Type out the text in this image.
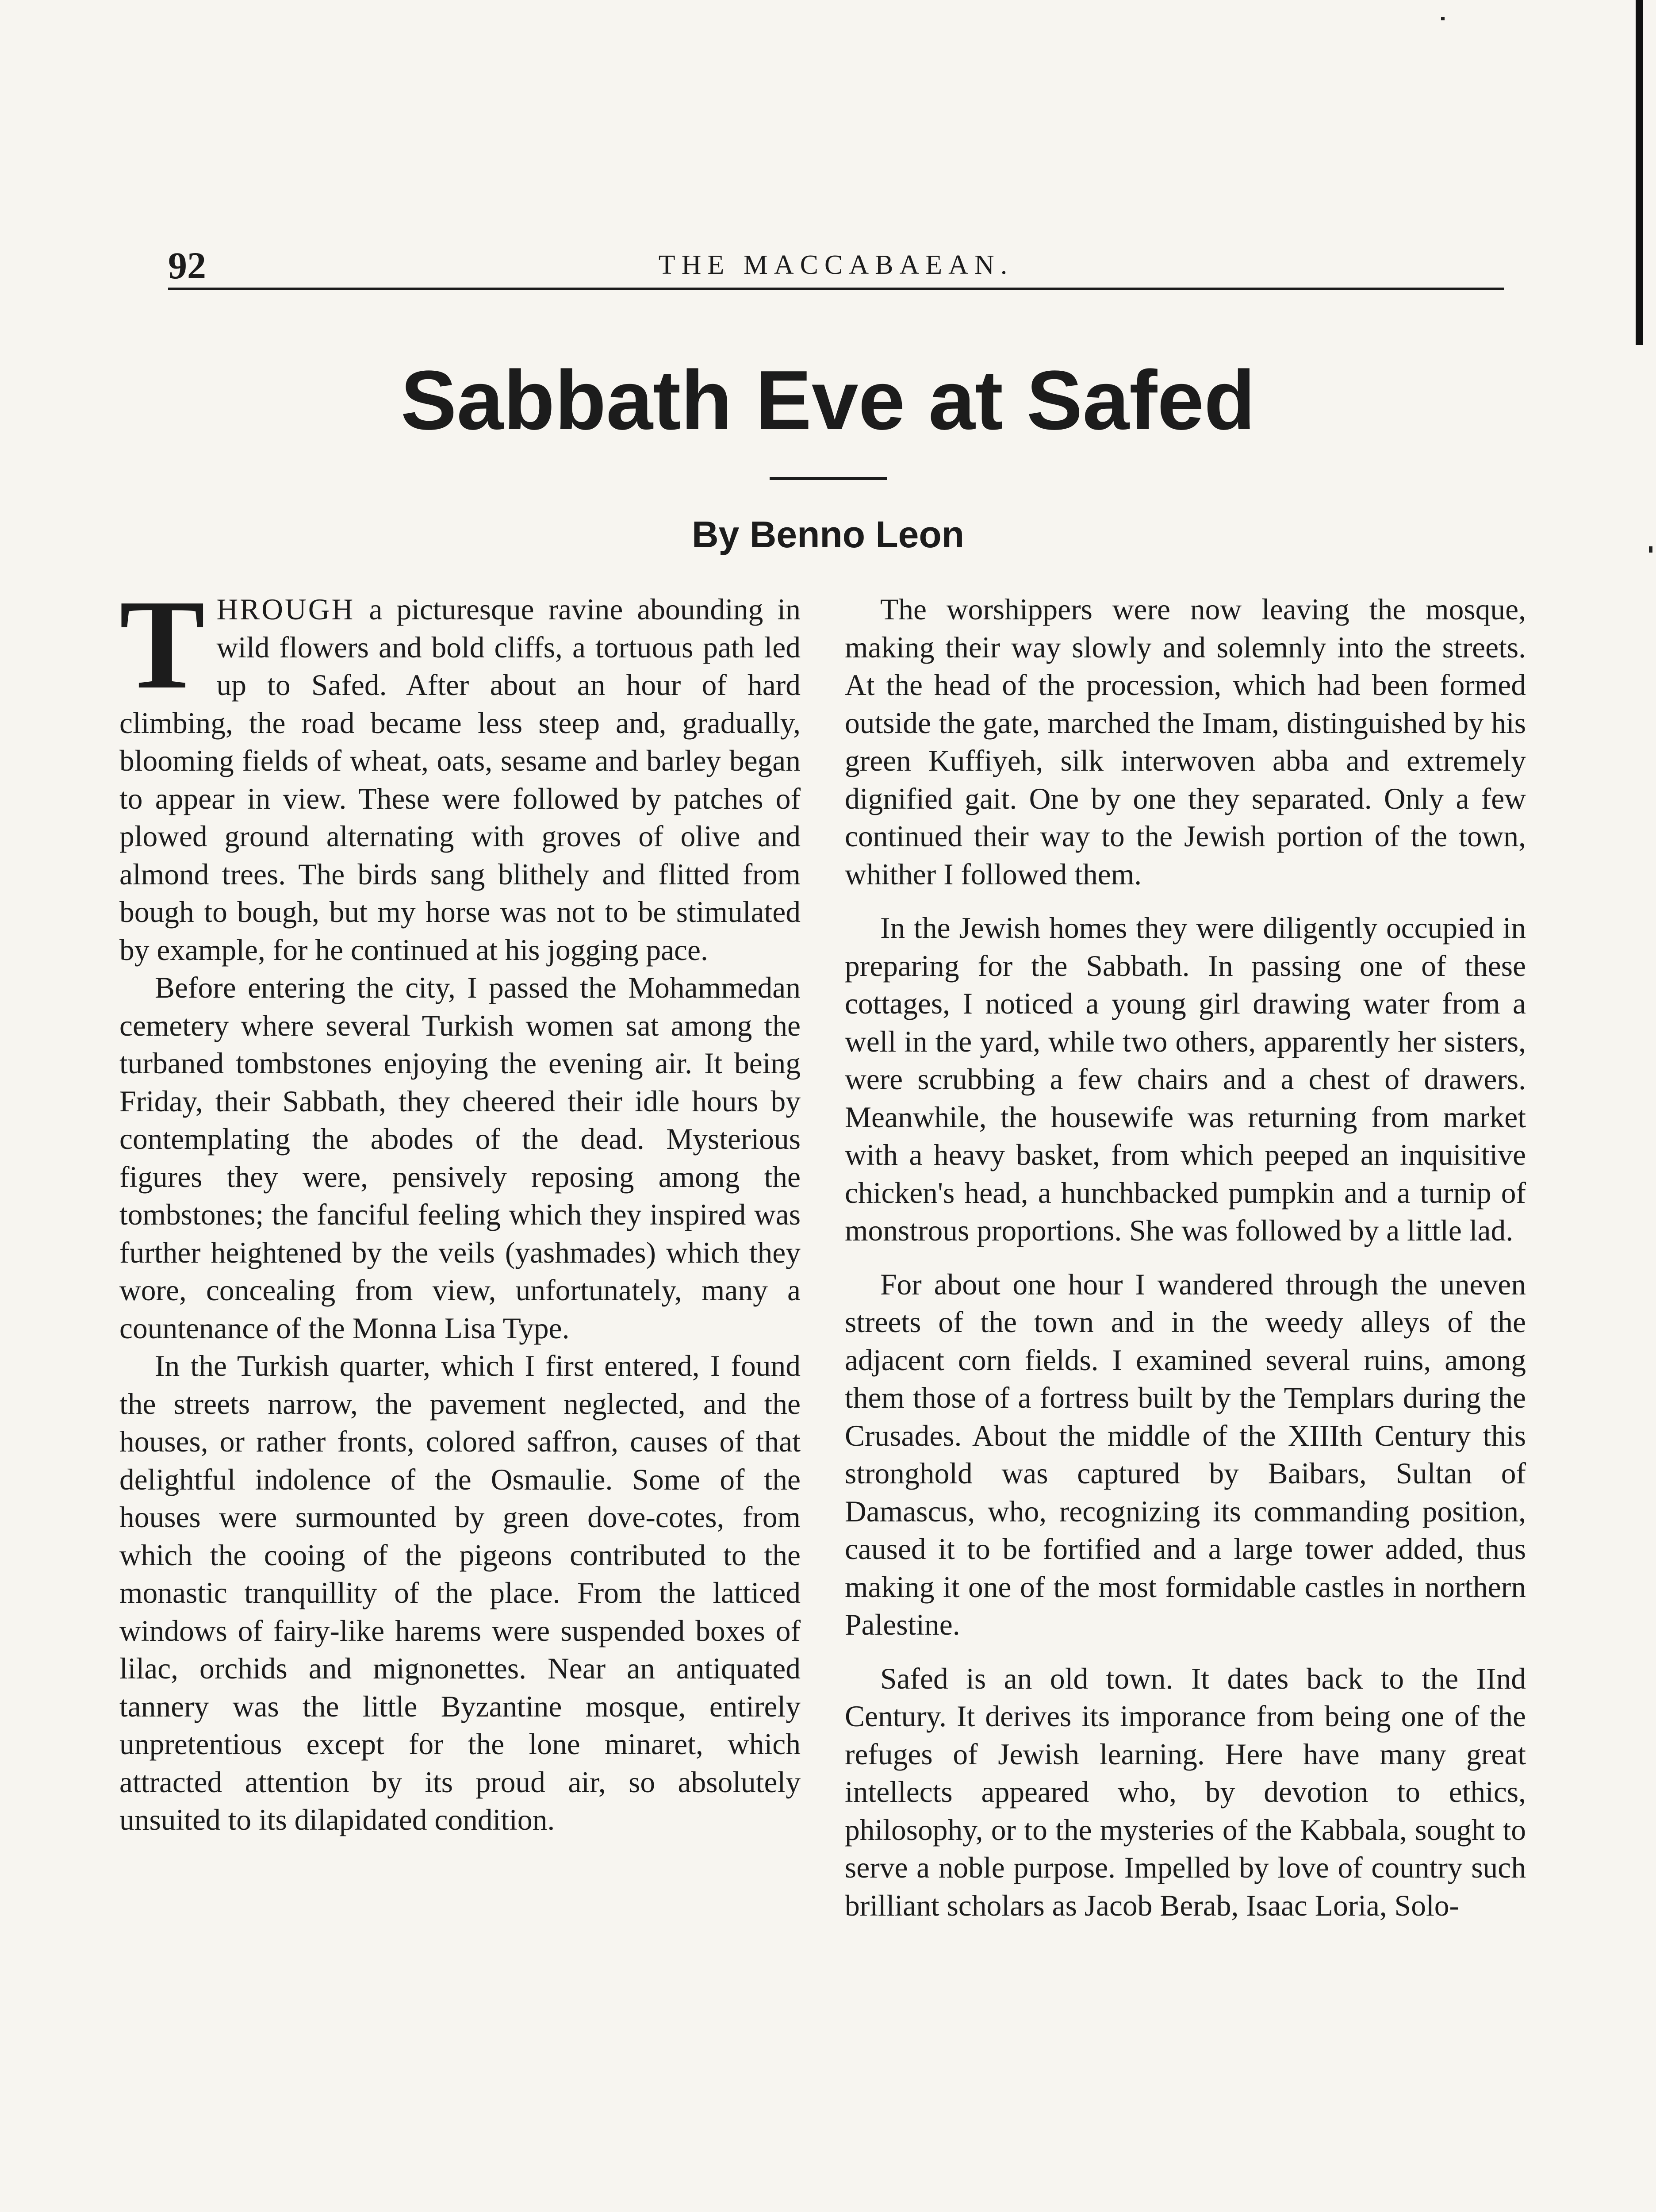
92	THE MACCABAEAN.
Sabbath Eve at Safed
By Benno Leon

THROUGH a picturesque ravine abounding in wild flowers and bold cliffs, a tortuous path led up to Safed. After about an hour of hard climbing, the road became less steep and, gradually, blooming fields of wheat, oats, sesame and barley began to appear in view. These were followed by patches of plowed ground alternating with groves of olive and almond trees. The birds sang blithely and flitted from bough to bough, but my horse was not to be stimulated by example, for he continued at his jogging pace.

Before entering the city, I passed the Mohammedan cemetery where several Turkish women sat among the turbaned tombstones enjoying the evening air. It being Friday, their Sabbath, they cheered their idle hours by contemplating the abodes of the dead. Mysterious figures they were, pensively reposing among the tombstones; the fanciful feeling which they inspired was further heightened by the veils (yashmades) which they wore, concealing from view, unfortunately, many a countenance of the Monna Lisa Type.

In the Turkish quarter, which I first entered, I found the streets narrow, the pavement neglected, and the houses, or rather fronts, colored saffron, causes of that delightful indolence of the Osmaulie. Some of the houses were surmounted by green dove-cotes, from which the cooing of the pigeons contributed to the monastic tranquillity of the place. From the latticed windows of fairy-like harems were suspended boxes of lilac, orchids and mignonettes. Near an antiquated tannery was the little Byzantine mosque, entirely unpretentious except for the lone minaret, which attracted attention by its proud air, so absolutely unsuited to its dilapidated condition.

The worshippers were now leaving the mosque, making their way slowly and solemnly into the streets. At the head of the procession, which had been formed outside the gate, marched the Imam, distinguished by his green Kuffiyeh, silk interwoven abba and extremely dignified gait. One by one they separated. Only a few continued their way to the Jewish portion of the town, whither I followed them.

In the Jewish homes they were diligently occupied in preparing for the Sabbath. In passing one of these cottages, I noticed a young girl drawing water from a well in the yard, while two others, apparently her sisters, were scrubbing a few chairs and a chest of drawers. Meanwhile, the housewife was returning from market with a heavy basket, from which peeped an inquisitive chicken's head, a hunchbacked pumpkin and a turnip of monstrous proportions. She was followed by a little lad.

For about one hour I wandered through the uneven streets of the town and in the weedy alleys of the adjacent corn fields. I examined several ruins, among them those of a fortress built by the Templars during the Crusades. About the middle of the XIIIth Century this stronghold was captured by Baibars, Sultan of Damascus, who, recognizing its commanding position, caused it to be fortified and a large tower added, thus making it one of the most formidable castles in northern Palestine.

Safed is an old town. It dates back to the IInd Century. It derives its imporance from being one of the refuges of Jewish learning. Here have many great intellects appeared who, by devotion to ethics, philosophy, or to the mysteries of the Kabbala, sought to serve a noble purpose. Impelled by love of country such brilliant scholars as Jacob Berab, Isaac Loria, Solo-
